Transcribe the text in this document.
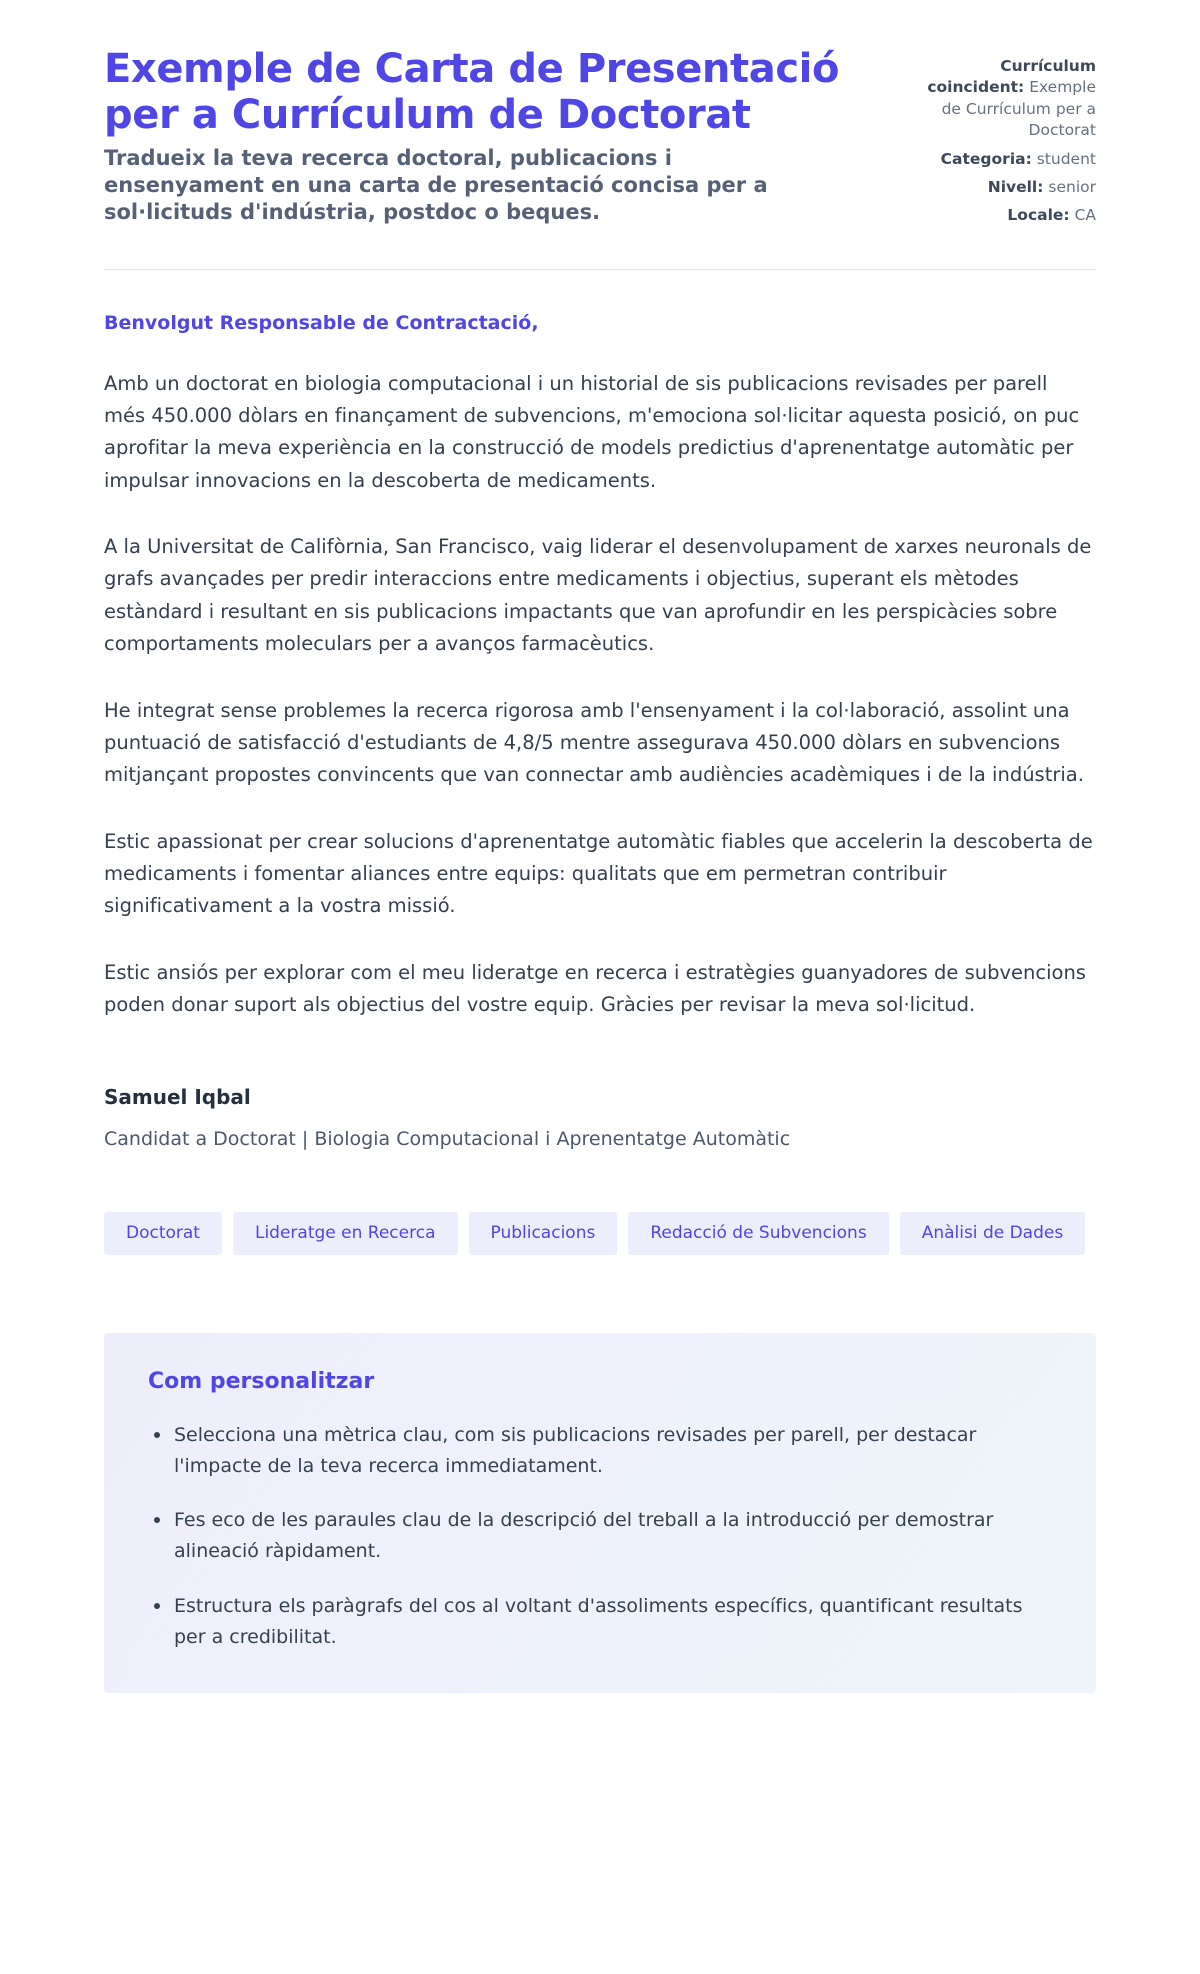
Exemple de Carta de Presentació per a Currículum de Doctorat

Tradueix la teva recerca doctoral, publicacions i ensenyament en una carta de presentació concisa per a sol·licituds d'indústria, postdoc o beques.

Currículum coincident: Exemple de Currículum per a Doctorat
Categoria: student
Nivell: senior
Locale: CA

Benvolgut Responsable de Contractació,

Amb un doctorat en biologia computacional i un historial de sis publicacions revisades per parell més 450.000 dòlars en finançament de subvencions, m'emociona sol·licitar aquesta posició, on puc aprofitar la meva experiència en la construcció de models predictius d'aprenentatge automàtic per impulsar innovacions en la descoberta de medicaments.

A la Universitat de Califòrnia, San Francisco, vaig liderar el desenvolupament de xarxes neuronals de grafs avançades per predir interaccions entre medicaments i objectius, superant els mètodes estàndard i resultant en sis publicacions impactants que van aprofundir en les perspicàcies sobre comportaments moleculars per a avanços farmacèutics.

He integrat sense problemes la recerca rigorosa amb l'ensenyament i la col·laboració, assolint una puntuació de satisfacció d'estudiants de 4,8/5 mentre assegurava 450.000 dòlars en subvencions mitjançant propostes convincents que van connectar amb audiències acadèmiques i de la indústria.

Estic apassionat per crear solucions d'aprenentatge automàtic fiables que accelerin la descoberta de medicaments i fomentar aliances entre equips: qualitats que em permetran contribuir significativament a la vostra missió.

Estic ansiós per explorar com el meu lideratge en recerca i estratègies guanyadores de subvencions poden donar suport als objectius del vostre equip. Gràcies per revisar la meva sol·licitud.

Samuel Iqbal

Candidat a Doctorat | Biologia Computacional i Aprenentatge Automàtic

Doctorat	Lideratge en Recerca	Publicacions	Redacció de Subvencions	Anàlisi de Dades
Com personalitzar
Selecciona una mètrica clau, com sis publicacions revisades per parell, per destacar l'impacte de la teva recerca immediatament.
Fes eco de les paraules clau de la descripció del treball a la introducció per demostrar alineació ràpidament.
Estructura els paràgrafs del cos al voltant d'assoliments específics, quantificant resultats per a credibilitat.
